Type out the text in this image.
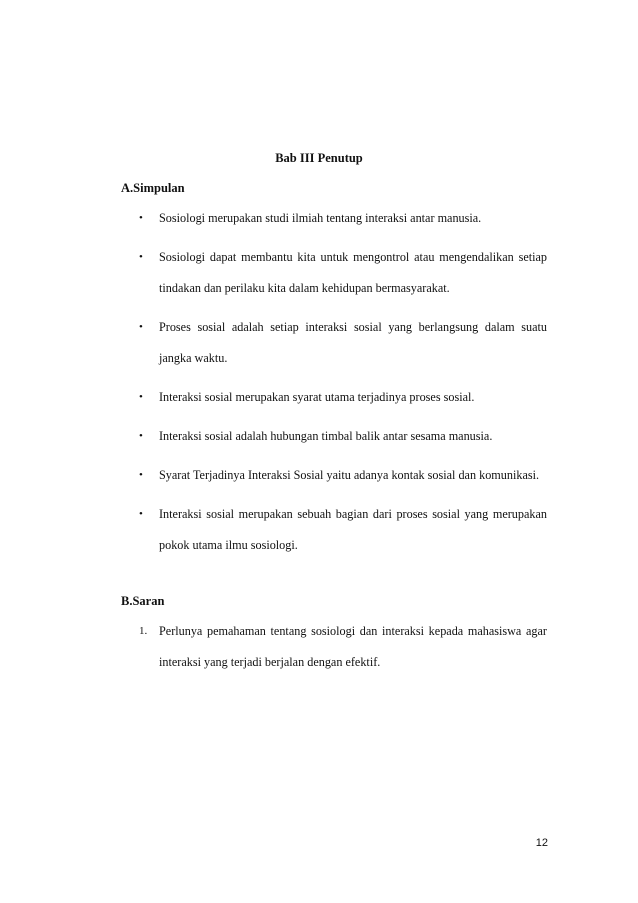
Bab III Penutup
A.Simpulan
• Sosiologi merupakan studi ilmiah tentang interaksi antar manusia.
• Sosiologi dapat membantu kita untuk mengontrol atau mengendalikan setiap tindakan dan perilaku kita dalam kehidupan bermasyarakat.
• Proses sosial adalah setiap interaksi sosial yang berlangsung dalam suatu jangka waktu.
• Interaksi sosial merupakan syarat utama terjadinya proses sosial.
• Interaksi sosial adalah hubungan timbal balik antar sesama manusia.
• Syarat Terjadinya Interaksi Sosial yaitu adanya kontak sosial dan komunikasi.
• Interaksi sosial merupakan sebuah bagian dari proses sosial yang merupakan pokok utama ilmu sosiologi.
B.Saran
1. Perlunya pemahaman tentang sosiologi dan interaksi kepada mahasiswa agar interaksi yang terjadi berjalan dengan efektif.
12
